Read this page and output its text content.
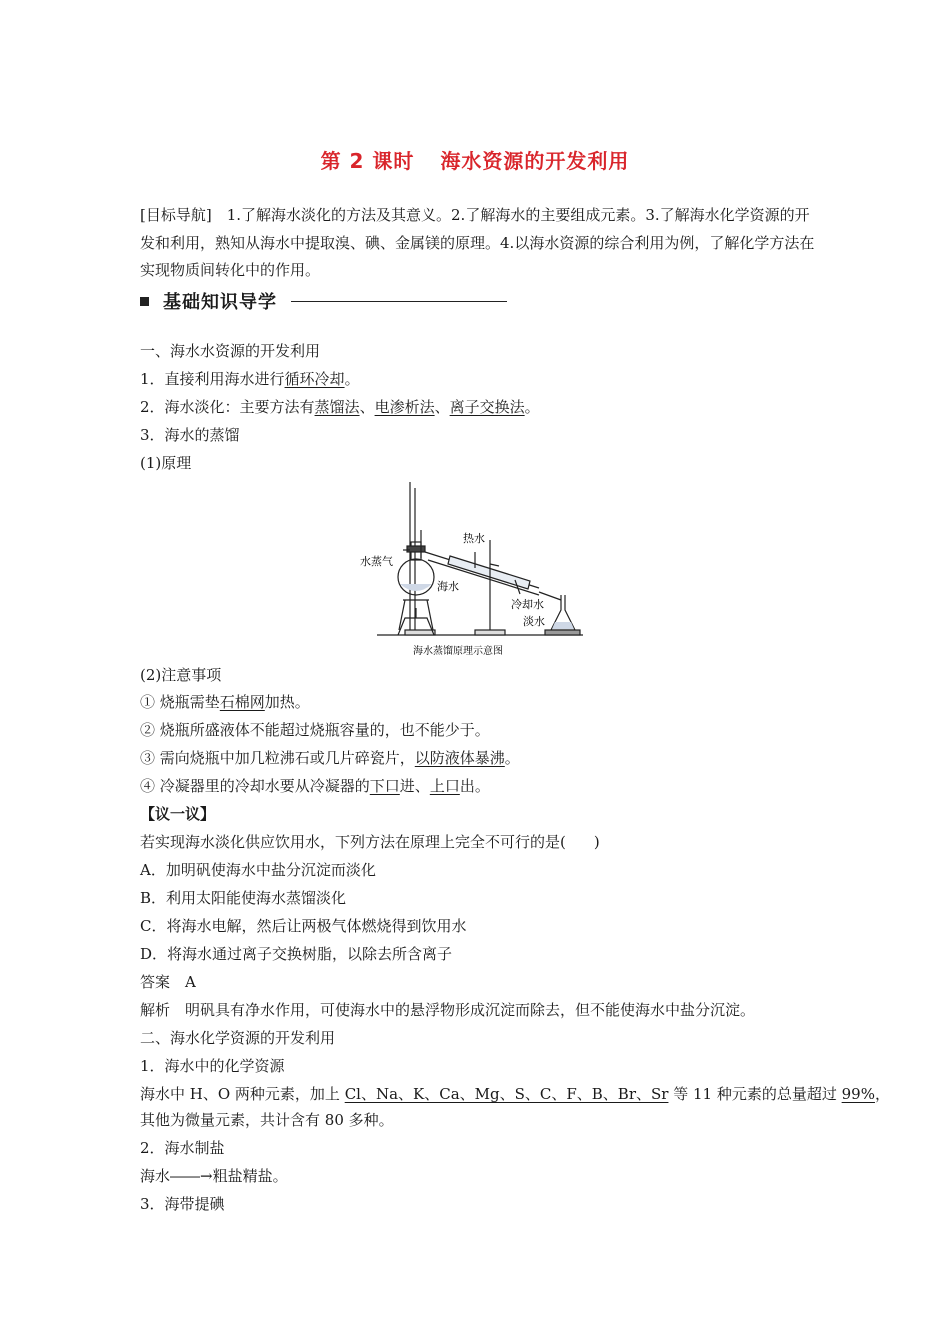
第 2 课时 海水资源的开发利用
[目标导航]　1.了解海水淡化的方法及其意义。2.了解海水的主要组成元素。3.了解海水化学资源的开发和利用，熟知从海水中提取溴、碘、金属镁的原理。4.以海水资源的综合利用为例，了解化学方法在实现物质间转化中的作用。
基础知识导学
一、海水水资源的开发利用
1．直接利用海水进行循环冷却。
2．海水淡化：主要方法有蒸馏法、电渗析法、离子交换法。
3．海水的蒸馏
(1)原理
水蒸气
海水
热水
冷却水
淡水
海水蒸馏原理示意图
(2)注意事项
① 烧瓶需垫石棉网加热。
② 烧瓶所盛液体不能超过烧瓶容量的，也不能少于。
③ 需向烧瓶中加几粒沸石或几片碎瓷片，以防液体暴沸。
④ 冷凝器里的冷却水要从冷凝器的下口进、上口出。
【议一议】
若实现海水淡化供应饮用水，下列方法在原理上完全不可行的是( )
A．加明矾使海水中盐分沉淀而淡化
B．利用太阳能使海水蒸馏淡化
C．将海水电解，然后让两极气体燃烧得到饮用水
D．将海水通过离子交换树脂，以除去所含离子
答案　A
解析　明矾具有净水作用，可使海水中的悬浮物形成沉淀而除去，但不能使海水中盐分沉淀。
二、海水化学资源的开发利用
1．海水中的化学资源
海水中 H、O 两种元素，加上 Cl、Na、K、Ca、Mg、S、C、F、B、Br、Sr 等 11 种元素的总量超过 99%，
其他为微量元素，共计含有 80 多种。
2．海水制盐
海水――→粗盐精盐。
3．海带提碘
